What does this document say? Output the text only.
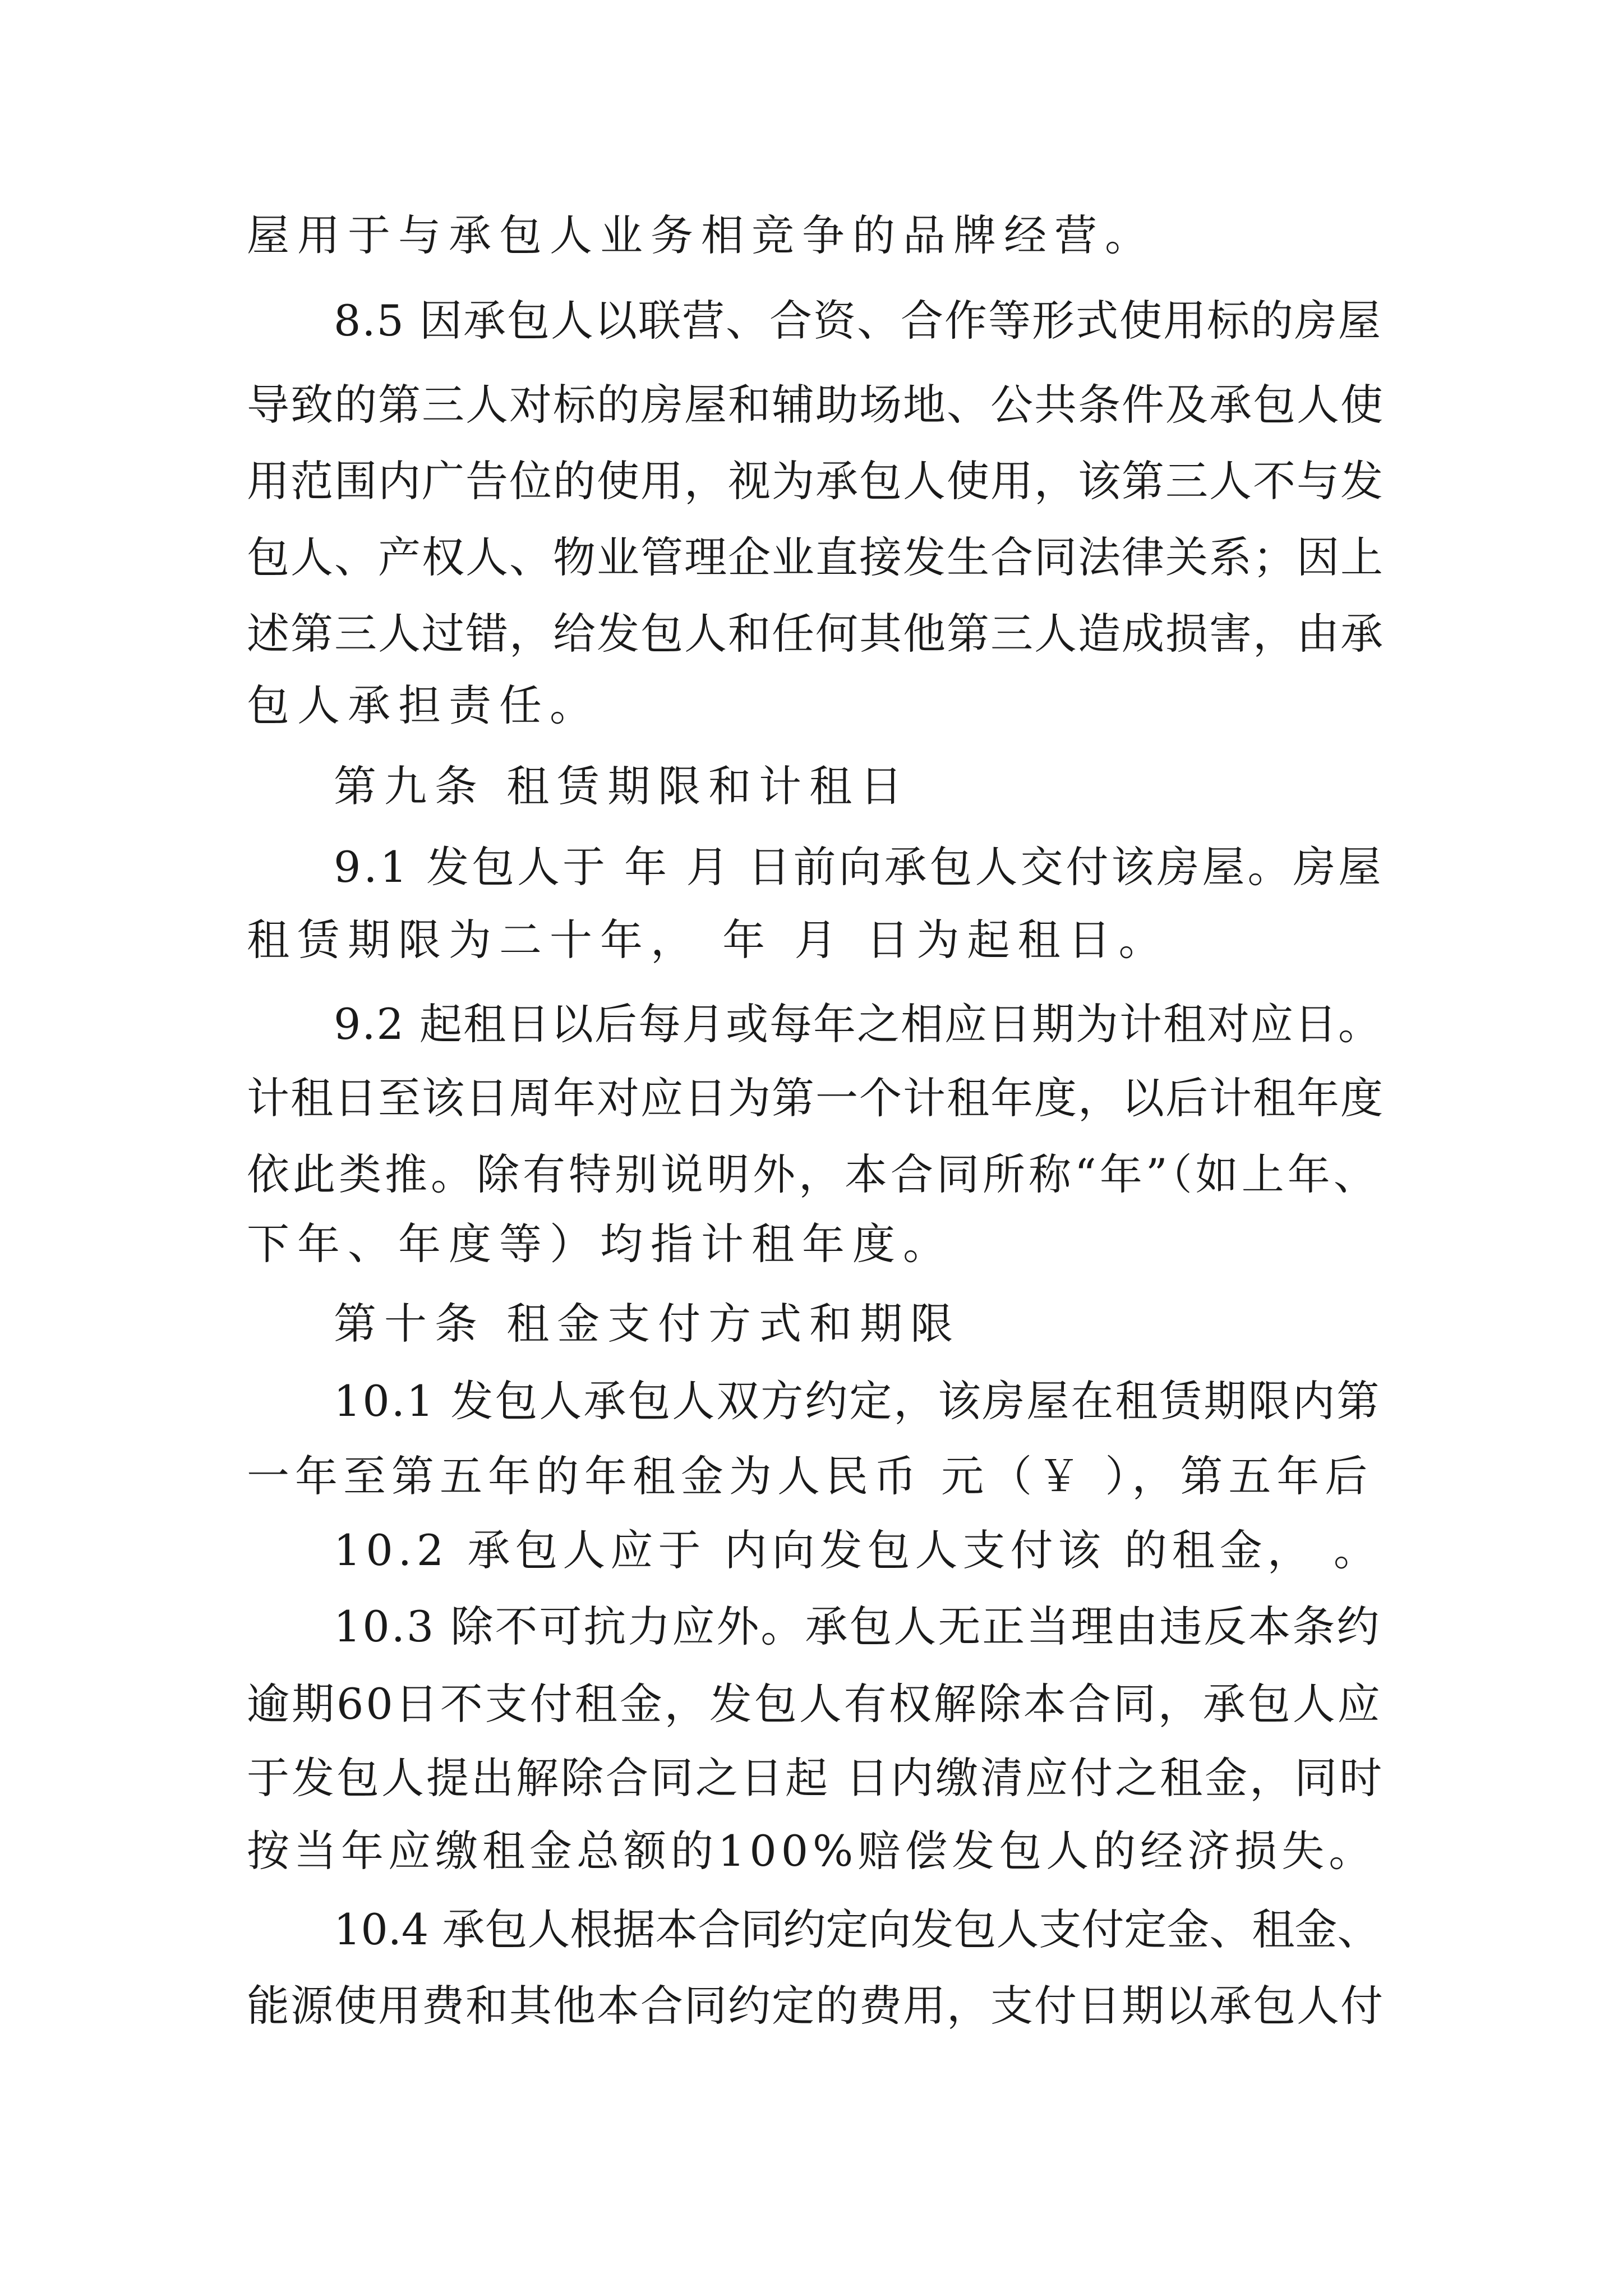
屋用于与承包人业务相竞争的品牌经营。
8.5 因承包人以联营、合资、合作等形式使用标的房屋
导致的第三人对标的房屋和辅助场地、公共条件及承包人使
用范围内广告位的使用，视为承包人使用，该第三人不与发
包人、产权人、物业管理企业直接发生合同法律关系；因上
述第三人过错，给发包人和任何其他第三人造成损害，由承
包人承担责任。
第九条 租赁期限和计租日
9.1 发包人于 年 月 日前向承包人交付该房屋。房屋
租赁期限为二十年， 年 月 日为起租日。
9.2 起租日以后每月或每年之相应日期为计租对应日。
计租日至该日周年对应日为第一个计租年度，以后计租年度
依此类推。除有特别说明外，本合同所称“年”（如上年、
下年、年度等）均指计租年度。
第十条 租金支付方式和期限
10.1 发包人承包人双方约定，该房屋在租赁期限内第
一年至第五年的年租金为人民币 元（￥ ），第五年后
10.2 承包人应于 内向发包人支付该 的租金， 。
10.3 除不可抗力应外。承包人无正当理由违反本条约
逾期60日不支付租金，发包人有权解除本合同，承包人应
于发包人提出解除合同之日起 日内缴清应付之租金，同时
按当年应缴租金总额的100%赔偿发包人的经济损失。
10.4 承包人根据本合同约定向发包人支付定金、租金、
能源使用费和其他本合同约定的费用，支付日期以承包人付
